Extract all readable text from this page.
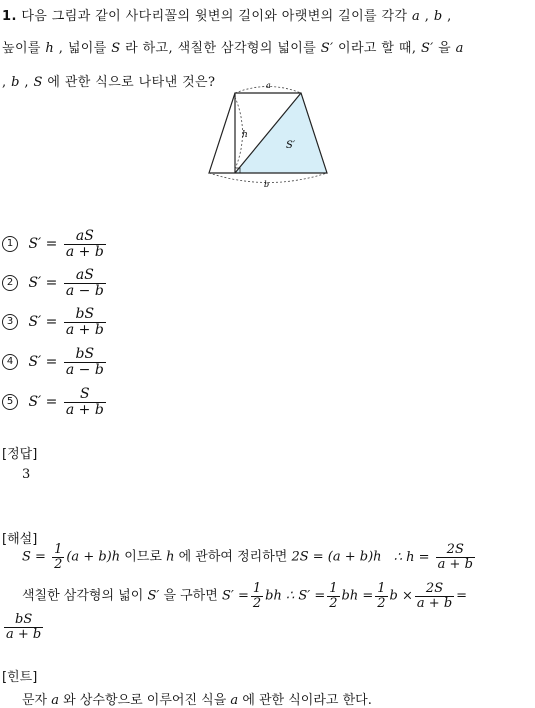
1. 다음 그림과 같이 사다리꼴의 윗변의 길이와 아랫변의 길이를 각각 a , b ,
높이를 h , 넓이를 S 라 하고, 색칠한 삼각형의 넓이를 S′ 이라고 할 때, S′ 을 a
, b , S 에 관한 식으로 나타낸 것은?	a
h
S′
b
1 $S' = \frac{aS}{a + b}$
2 $S' = \frac{aS}{a - b}$
3 $S' = \frac{bS}{a + b}$
4 $S' = \frac{bS}{a - b}$
5 $S' = \frac{S}{a + b}$
[정답]
3
[해설]
$S = \frac{1}{2} (a + b)h$ 이므로 h 에 관하여 정리하면 2S = (a + b)h ∴ $h = \frac{2S}{a + b}$
색칠한 삼각형의 넓이 S′ 을 구하면 $S' = \frac{1}{2}$ bh ∴ $S' = \frac{1}{2}$ bh = $\frac{1}{2}$ $b \times \frac{2S}{a + b}$ =
$\frac{bS}{a + b}$
[힌트]
문자 a 와 상수항으로 이루어진 식을 a 에 관한 식이라고 한다.
